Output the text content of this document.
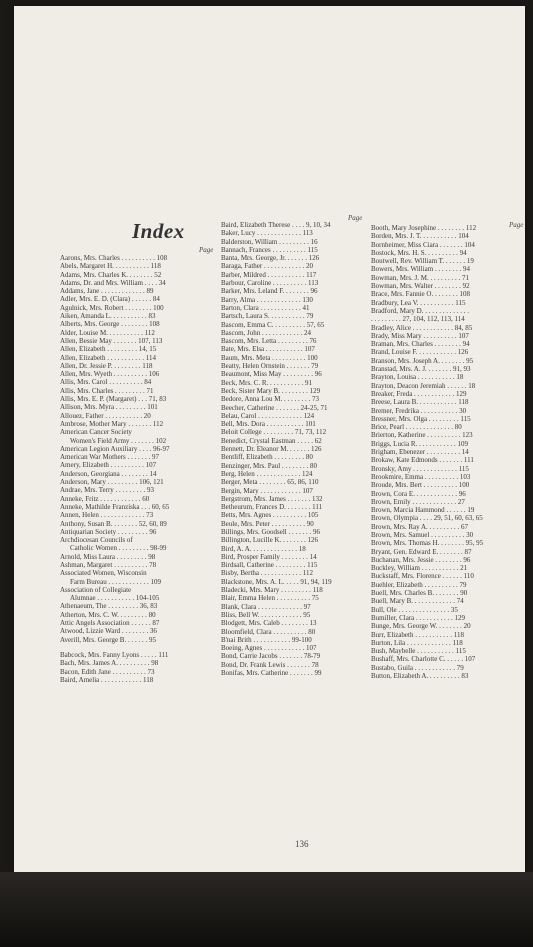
Index
Page
Page
Page
Aarons, Mrs. Charles . . . . . . . . . . 108
Abels, Margaret H. . . . . . . . . . . 118
Adams, Mrs. Charles K. . . . . . . . 52
Adams, Dr. and Mrs. William . . . . 34
Addams, Jane . . . . . . . . . . . . . 89
Adler, Mrs. E. D. (Clara) . . . . . . 84
Agulnick, Mrs. Robert . . . . . . . . 100
Aiken, Amanda L. . . . . . . . . . . 83
Alberts, Mrs. George . . . . . . . . 108
Alder, Louise M. . . . . . . . . . . 112
Allen, Bessie May . . . . . . . 107, 113
Allen, Elizabeth . . . . . . . . . 14, 15
Allen, Elizabeth . . . . . . . . . . . 114
Allen, Dr. Jessie P. . . . . . . . . 118
Allen, Mrs. Wyeth . . . . . . . . . . 106
Allis, Mrs. Carol . . . . . . . . . . 84
Allis, Mrs. Charles . . . . . . . . . 71
Allis, Mrs. E. P. (Margaret) . . . 71, 83
Allison, Mrs. Myra . . . . . . . . . 101
Allouez, Father . . . . . . . . . . . 20
Ambrose, Mother Mary . . . . . . . 112
American Cancer Society
Women's Field Army . . . . . . . 102
American Legion Auxiliary . . . . 96-97
American War Mothers . . . . . . . 97
Amery, Elizabeth . . . . . . . . . . 107
Anderson, Georgiana . . . . . . . . 14
Anderson, Mary . . . . . . . . . 106, 121
Andrae, Mrs. Terry . . . . . . . . . 93
Anneke, Fritz . . . . . . . . . . . . 60
Anneke, Mathilde Franziska . . . 60, 65
Annen, Helen . . . . . . . . . . . . . 73
Anthony, Susan B. . . . . . . . 52, 60, 89
Antiquarian Society . . . . . . . . . 96
Archdiocesan Councils of
Catholic Women . . . . . . . . . 98-99
Arnold, Miss Laura . . . . . . . . . 98
Ashman, Margaret . . . . . . . . . . 78
Associated Women, Wisconsin
Farm Bureau . . . . . . . . . . . . 109
Association of Collegiate
Alumnae . . . . . . . . . . . 104-105
Athenaeum, The . . . . . . . . . 36, 83
Atherton, Mrs. C. W. . . . . . . . . 80
Attic Angels Association . . . . . . 87
Atwood, Lizzie Ward . . . . . . . . 36
Averill, Mrs. George B. . . . . . . 95
Babcock, Mrs. Fanny Lyons . . . . . 111
Bach, Mrs. James A. . . . . . . . . . 98
Bacon, Edith Jane . . . . . . . . . . 73
Baird, Amelia . . . . . . . . . . . . 118
Baird, Elizabeth Therese . . . . 9, 10, 34
Baker, Lucy . . . . . . . . . . . . . 113
Balderston, William . . . . . . . . . 16
Bannach, Frances . . . . . . . . . . 115
Banta, Mrs. George, Jr. . . . . . . 126
Baraga, Father . . . . . . . . . . . . 20
Barber, Mildred . . . . . . . . . . . 117
Barbour, Caroline . . . . . . . . . . 113
Barker, Mrs. Leland F. . . . . . . . 96
Barry, Alma . . . . . . . . . . . . . 130
Barton, Clara . . . . . . . . . . . . 41
Bartsch, Laura S. . . . . . . . . . . 79
Bascom, Emma C. . . . . . . . . . 57, 65
Bascom, John . . . . . . . . . . . . 24
Bascom, Mrs. Letta . . . . . . . . . 76
Bate, Mrs. Elsa . . . . . . . . . . . 107
Baum, Mrs. Meta . . . . . . . . . . 100
Beatty, Helen Ornstein . . . . . . . 79
Beaumont, Miss May . . . . . . . . . 96
Beck, Mrs. C. R. . . . . . . . . . . 91
Beck, Sister Mary B. . . . . . . . . 129
Bedore, Anna Lou M. . . . . . . . . 73
Beecher, Catherine . . . . . . . 24-25, 71
Belau, Carol . . . . . . . . . . . . . 124
Bell, Mrs. Dora . . . . . . . . . . . 101
Beloit College . . . . . . . . . 71, 73, 112
Benedict, Crystal Eastman . . . . . 62
Bennett, Dr. Eleanor M. . . . . . . 126
Bentliff, Elizabeth . . . . . . . . . 80
Benzinger, Mrs. Paul . . . . . . . . 80
Berg, Helen . . . . . . . . . . . . . 124
Berger, Meta . . . . . . . . 65, 86, 110
Bergin, Mary . . . . . . . . . . . . 107
Bergstrom, Mrs. James . . . . . . . 132
Betheurum, Frances D. . . . . . . . 111
Betts, Mrs. Agnes . . . . . . . . . . 105
Beule, Mrs. Peter . . . . . . . . . . 90
Billings, Mrs. Goodsell . . . . . . . 96
Billington, Lucille K. . . . . . . . 126
Bird, A. A. . . . . . . . . . . . . . 18
Bird, Prosper Family . . . . . . . . 14
Birdsall, Catherine . . . . . . . . . 115
Bisby, Bertha . . . . . . . . . . . . 112
Blackstone, Mrs. A. L. . . . . 91, 94, 119
Bladecki, Mrs. Mary . . . . . . . . . 118
Blair, Emma Helen . . . . . . . . . . 75
Blank, Clara . . . . . . . . . . . . . 97
Bliss, Bell W. . . . . . . . . . . . . 95
Blodgett, Mrs. Caleb . . . . . . . . 13
Bloomfield, Clara . . . . . . . . . . 80
B'nai Brith . . . . . . . . . . . 99-100
Boeing, Agnes . . . . . . . . . . . . 107
Bond, Carrie Jacobs . . . . . . . 78-79
Bond, Dr. Frank Lewis . . . . . . . 78
Bonifas, Mrs. Catherine . . . . . . . 99
Booth, Mary Josephine . . . . . . . . 112
Borden, Mrs. J. T. . . . . . . . . . . 104
Bornheimer, Miss Ciara . . . . . . . 104
Bostock, Mrs. H. S. . . . . . . . . . 94
Boutwell, Rev. William T. . . . . . . 19
Bowers, Mrs. William . . . . . . . . 94
Bowman, Mrs. J. M. . . . . . . . . . 71
Bowman, Mrs. Walter . . . . . . . . 92
Brace, Mrs. Fannie O. . . . . . . . 108
Bradbury, Lea V. . . . . . . . . . . 115
Bradford, Mary D. . . . . . . . . . . . . .
. . . . . . . . . 27, 104, 112, 113, 114
Bradley, Alice . . . . . . . . . . . . 84, 85
Brady, Miss Mary . . . . . . . . . . 107
Braman, Mrs. Charles . . . . . . . . 94
Brand, Louise F. . . . . . . . . . . . 126
Branson, Mrs. Joseph A. . . . . . . . 95
Branstad, Mrs. A. J. . . . . . . . 91, 93
Brayton, Louisa . . . . . . . . . . . 18
Brayton, Deacon Jeremiah . . . . . . 18
Breaker, Freda . . . . . . . . . . . . 129
Breese, Laura B. . . . . . . . . . . . 118
Bremer, Fredrika . . . . . . . . . . . 30
Bressner, Mrs. Olga . . . . . . . . . 115
Brice, Pearl . . . . . . . . . . . . . . 80
Brierton, Katherine . . . . . . . . . . 123
Briggs, Lucia R. . . . . . . . . . . . 109
Brigham, Ebenezer . . . . . . . . . . 14
Brokaw, Kate Edmonds . . . . . . . 111
Bronsky, Amy . . . . . . . . . . . . . 115
Brookmire, Emma . . . . . . . . . . 103
Broude, Mrs. Bert . . . . . . . . . . 100
Brown, Cora E. . . . . . . . . . . . . 96
Brown, Emily . . . . . . . . . . . . . 27
Brown, Marcia Hammond . . . . . . 19
Brown, Olympia . . . . 29, 51, 60, 63, 65
Brown, Mrs. Ray A. . . . . . . . . . 67
Brown, Mrs. Samuel . . . . . . . . . . 30
Brown, Mrs. Thomas H. . . . . . . . 95, 95
Bryant, Gen. Edward E. . . . . . . . 87
Buchanan, Mrs. Jessie . . . . . . . . 96
Buckley, William . . . . . . . . . . . 21
Buckstaff, Mrs. Florence . . . . . . 110
Buehler, Elizabeth . . . . . . . . . . 79
Buell, Mrs. Charles B. . . . . . . . 90
Buell, Mary B. . . . . . . . . . . . . 74
Bull, Ole . . . . . . . . . . . . . . . 35
Bumiller, Clara . . . . . . . . . . . 129
Bunge, Mrs. George W. . . . . . . . 20
Burr, Elizabeth . . . . . . . . . . . 118
Burton, Lila . . . . . . . . . . . . . 118
Bush, Maybelle . . . . . . . . . . . 115
Bushaff, Mrs. Charlotte C. . . . . . 107
Bustabo, Guila . . . . . . . . . . . . 79
Button, Elizabeth A. . . . . . . . . . 83
136
